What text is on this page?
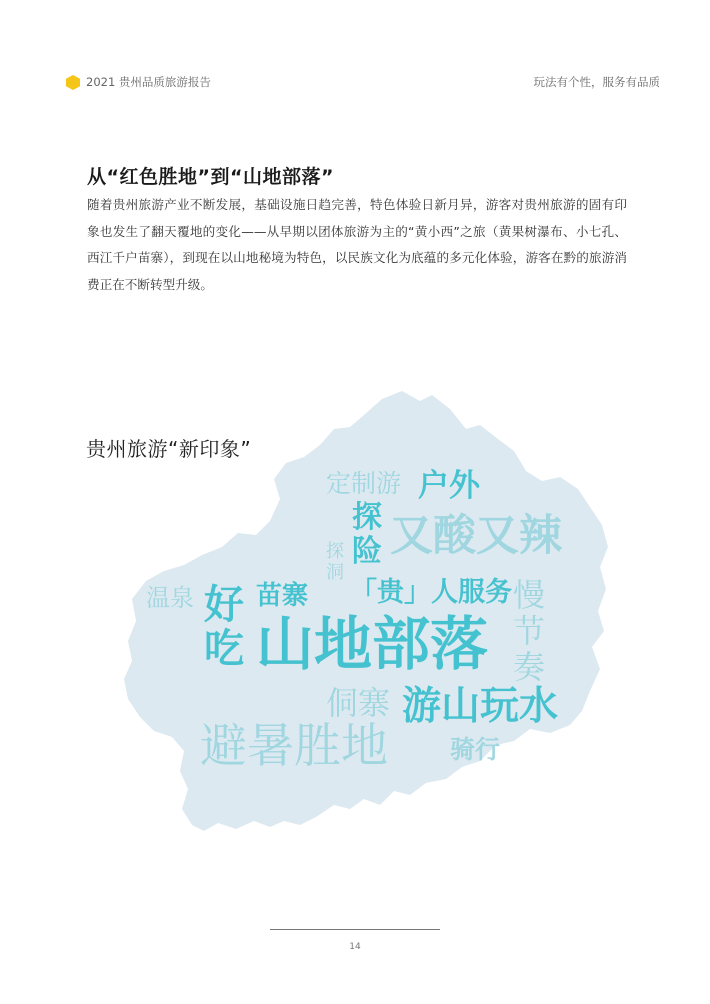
2021 贵州品质旅游报告	玩法有个性，服务有品质
从“红色胜地”到“山地部落”
随着贵州旅游产业不断发展，基础设施日趋完善，特色体验日新月异，游客对贵州旅游的固有印象也发生了翻天覆地的变化——从早期以团体旅游为主的“黄小西”之旅（黄果树瀑布、小七孔、西江千户苗寨），到现在以山地秘境为特色，以民族文化为底蕴的多元化体验，游客在黔的旅游消费正在不断转型升级。
定制游 户外
探
险 又酸又辣
探
洞
温泉 好
吃
苗寨 「贵」人服务 慢
节
奏
山地部落
侗寨 游山玩水
避暑胜地 骑行
贵州旅游“新印象”
14
